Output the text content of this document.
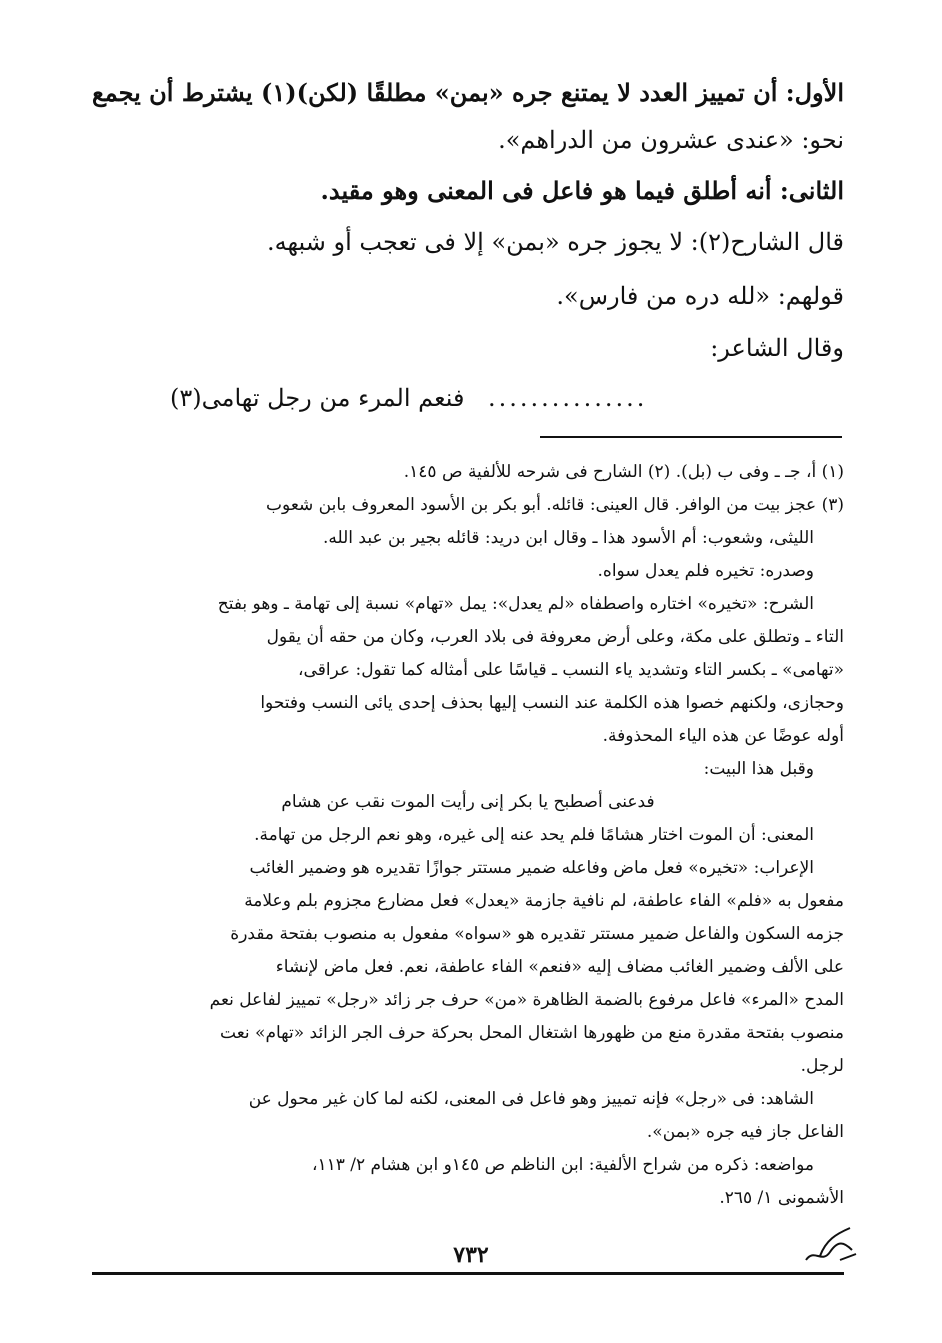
الأول: أن تمييز العدد لا يمتنع جره «بمن» مطلقًا (لكن)(١) يشترط أن يجمع
نحو: «عندى عشرون من الدراهم».
الثانى: أنه أطلق فيما هو فاعل فى المعنى وهو مقيد.
قال الشارح(٢): لا يجوز جره «بمن» إلا فى تعجب أو شبهه.
قولهم: «لله دره من فارس».
وقال الشاعر:
فنعم المرء من رجل تهامى(٣) ...............
(١) أ، جـ ـ وفى ب (بل). (٢) الشارح فى شرحه للألفية ص ١٤٥.
(٣) عجز بيت من الوافر. قال العينى: قائله. أبو بكر بن الأسود المعروف بابن شعوب
الليثى، وشعوب: أم الأسود هذا ـ وقال ابن دريد: قائله بجير بن عبد الله.
وصدره: تخيره فلم يعدل سواه.
الشرح: «تخيره» اختاره واصطفاه «لم يعدل»: يمل «تهام» نسبة إلى تهامة ـ وهو بفتح
التاء ـ وتطلق على مكة، وعلى أرض معروفة فى بلاد العرب، وكان من حقه أن يقول
«تهامى» ـ بكسر التاء وتشديد ياء النسب ـ قياسًا على أمثاله كما تقول: عراقى،
وحجازى، ولكنهم خصوا هذه الكلمة عند النسب إليها بحذف إحدى يائى النسب وفتحوا
أوله عوضًا عن هذه الياء المحذوفة.
وقبل هذا البيت:
فدعنى أصطبح يا بكر إنى رأيت الموت نقب عن هشام
المعنى: أن الموت اختار هشامًا فلم يحد عنه إلى غيره، وهو نعم الرجل من تهامة.
الإعراب: «تخيره» فعل ماض وفاعله ضمير مستتر جوازًا تقديره هو وضمير الغائب
مفعول به «فلم» الفاء عاطفة، لم نافية جازمة «يعدل» فعل مضارع مجزوم بلم وعلامة
جزمه السكون والفاعل ضمير مستتر تقديره هو «سواه» مفعول به منصوب بفتحة مقدرة
على الألف وضمير الغائب مضاف إليه «فنعم» الفاء عاطفة، نعم. فعل ماض لإنشاء
المدح «المرء» فاعل مرفوع بالضمة الظاهرة «من» حرف جر زائد «رجل» تمييز لفاعل نعم
منصوب بفتحة مقدرة منع من ظهورها اشتغال المحل بحركة حرف الجر الزائد «تهام» نعت
لرجل.
الشاهد: فى «رجل» فإنه تمييز وهو فاعل فى المعنى، لكنه لما كان غير محول عن
الفاعل جاز فيه جره «بمن».
مواضعه: ذكره من شراح الألفية: ابن الناظم ص ١٤٥و ابن هشام ٢/ ١١٣،
الأشمونى ١/ ٢٦٥.
٧٣٢
